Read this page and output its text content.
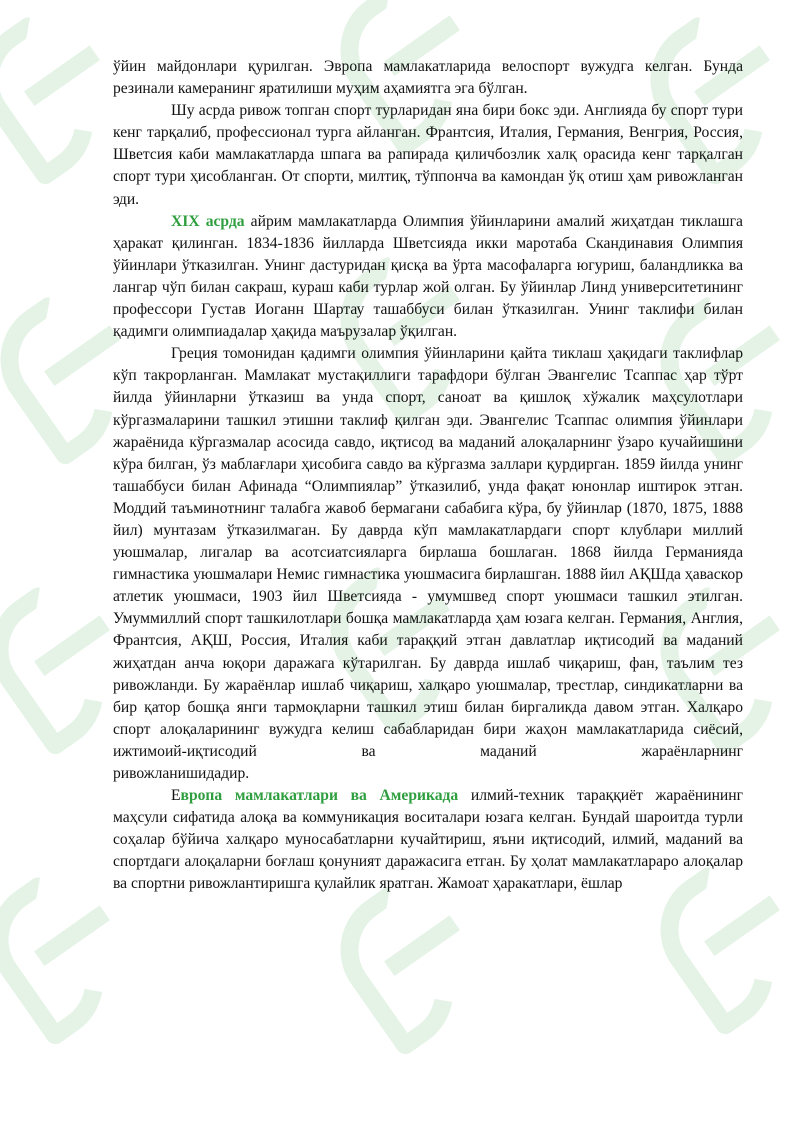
ўйин майдонлари қурилган. Эвропа мамлакатларида велоспорт вужудга келган. Бунда резинали камеранинг яратилиши муҳим аҳамиятга эга бўлган.

Шу асрда ривож топган спорт турларидан яна бири бокс эди. Англияда бу спорт тури кенг тарқалиб, профессионал турга айланган. Франтсия, Италия, Германия, Венгрия, Россия, Шветсия каби мамлакатларда шпага ва рапирада қиличбозлик халқ орасида кенг тарқалган спорт тури ҳисобланган. От спорти, милтиқ, тўппонча ва камондан ўқ отиш ҳам ривожланган эди.

XIX асрда айрим мамлакатларда Олимпия ўйинларини амалий жиҳатдан тиклашга ҳаракат қилинган. 1834-1836 йилларда Шветсияда икки маротаба Скандинавия Олимпия ўйинлари ўтказилган. Унинг дастуридан қисқа ва ўрта масофаларга югуриш, баландликка ва лангар чўп билан сакраш, кураш каби турлар жой олган. Бу ўйинлар Линд университетининг профессори Густав Иоганн Шартау ташаббуси билан ўтказилган. Унинг таклифи билан қадимги олимпиадалар ҳақида маърузалар ўқилган.

Греция томонидан қадимги олимпия ўйинларини қайта тиклаш ҳақидаги таклифлар кўп такрорланган. Мамлакат мустақиллиги тарафдори бўлган Эвангелис Тсаппас ҳар тўрт йилда ўйинларни ўтказиш ва унда спорт, саноат ва қишлоқ хўжалик маҳсулотлари кўргазмаларини ташкил этишни таклиф қилган эди. Эвангелис Тсаппас олимпия ўйинлари жараёнида кўргазмалар асосида савдо, иқтисод ва маданий алоқаларнинг ўзаро кучайишини кўра билган, ўз маблағлари ҳисобига савдо ва кўргазма заллари қурдирган. 1859 йилда унинг ташаббуси билан Афинада “Олимпиялар” ўтказилиб, унда фақат юнонлар иштирок этган. Моддий таъминотнинг талабга жавоб бермагани сабабига кўра, бу ўйинлар (1870, 1875, 1888 йил) мунтазам ўтказилмаган. Бу даврда кўп мамлакатлардаги спорт клублари миллий уюшмалар, лигалар ва асотсиатсияларга бирлаша бошлаган. 1868 йилда Германияда гимнастика уюшмалари Немис гимнастика уюшмасига бирлашган. 1888 йил АҚШда ҳаваскор атлетик уюшмаси, 1903 йил Шветсияда - умумшвед спорт уюшмаси ташкил этилган. Умуммиллий спорт ташкилотлари бошқа мамлакатларда ҳам юзага келган. Германия, Англия, Франтсия, АҚШ, Россия, Италия каби тараққий этган давлатлар иқтисодий ва маданий жиҳатдан анча юқори даражага кўтарилган. Бу даврда ишлаб чиқариш, фан, таълим тез ривожланди. Бу жараёнлар ишлаб чиқариш, халқаро уюшмалар, трестлар, синдикатларни ва бир қатор бошқа янги тармоқларни ташкил этиш билан биргаликда давом этган. Халқаро спорт алоқаларининг вужудга келиш сабабларидан бири жаҳон мамлакатларида сиёсий,

ижтимоий-иқтисодий ва маданий жараёнларнинг

ривожланишидадир.

Европа мамлакатлари ва Америкада илмий-техник тараққиёт жараёнининг маҳсули сифатида алоқа ва коммуникация воситалари юзага келган. Бундай шароитда турли соҳалар бўйича халқаро муносабатларни кучайтириш, яъни иқтисодий, илмий, маданий ва спортдаги алоқаларни боғлаш қонуният даражасига етган. Бу ҳолат мамлакатлараро алоқалар ва спортни ривожлантиришга қулайлик яратган. Жамоат ҳаракатлари, ёшлар
